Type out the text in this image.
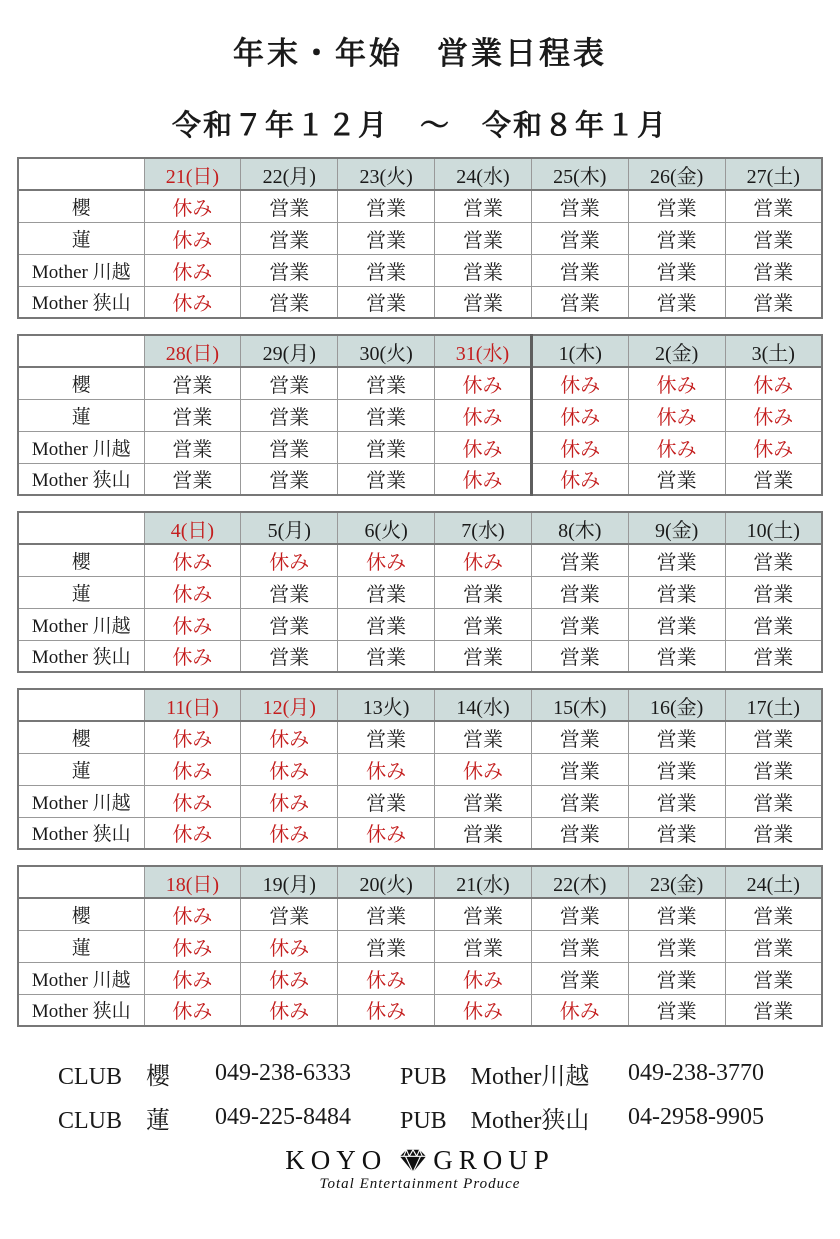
年末・年始　営業日程表
令和７年１２月　～　令和８年１月
	21(日)	22(月)	23(火)	24(水)	25(木)	26(金)	27(土)
櫻	休み	営業	営業	営業	営業	営業	営業
蓮	休み	営業	営業	営業	営業	営業	営業
Mother 川越	休み	営業	営業	営業	営業	営業	営業
Mother 狭山	休み	営業	営業	営業	営業	営業	営業
	28(日)	29(月)	30(火)	31(水)	1(木)	2(金)	3(土)
櫻	営業	営業	営業	休み	休み	休み	休み
蓮	営業	営業	営業	休み	休み	休み	休み
Mother 川越	営業	営業	営業	休み	休み	休み	休み
Mother 狭山	営業	営業	営業	休み	休み	営業	営業
	4(日)	5(月)	6(火)	7(水)	8(木)	9(金)	10(土)
櫻	休み	休み	休み	休み	営業	営業	営業
蓮	休み	営業	営業	営業	営業	営業	営業
Mother 川越	休み	営業	営業	営業	営業	営業	営業
Mother 狭山	休み	営業	営業	営業	営業	営業	営業
	11(日)	12(月)	13火)	14(水)	15(木)	16(金)	17(土)
櫻	休み	休み	営業	営業	営業	営業	営業
蓮	休み	休み	休み	休み	営業	営業	営業
Mother 川越	休み	休み	営業	営業	営業	営業	営業
Mother 狭山	休み	休み	休み	営業	営業	営業	営業
	18(日)	19(月)	20(火)	21(水)	22(木)	23(金)	24(土)
櫻	休み	営業	営業	営業	営業	営業	営業
蓮	休み	休み	営業	営業	営業	営業	営業
Mother 川越	休み	休み	休み	休み	営業	営業	営業
Mother 狭山	休み	休み	休み	休み	休み	営業	営業
CLUB　櫻	049-238-6333	PUB　Mother川越	049-238-3770
CLUB　蓮	049-225-8484	PUB　Mother狭山	04-2958-9905
KOYO GROUP
Total Entertainment Produce
